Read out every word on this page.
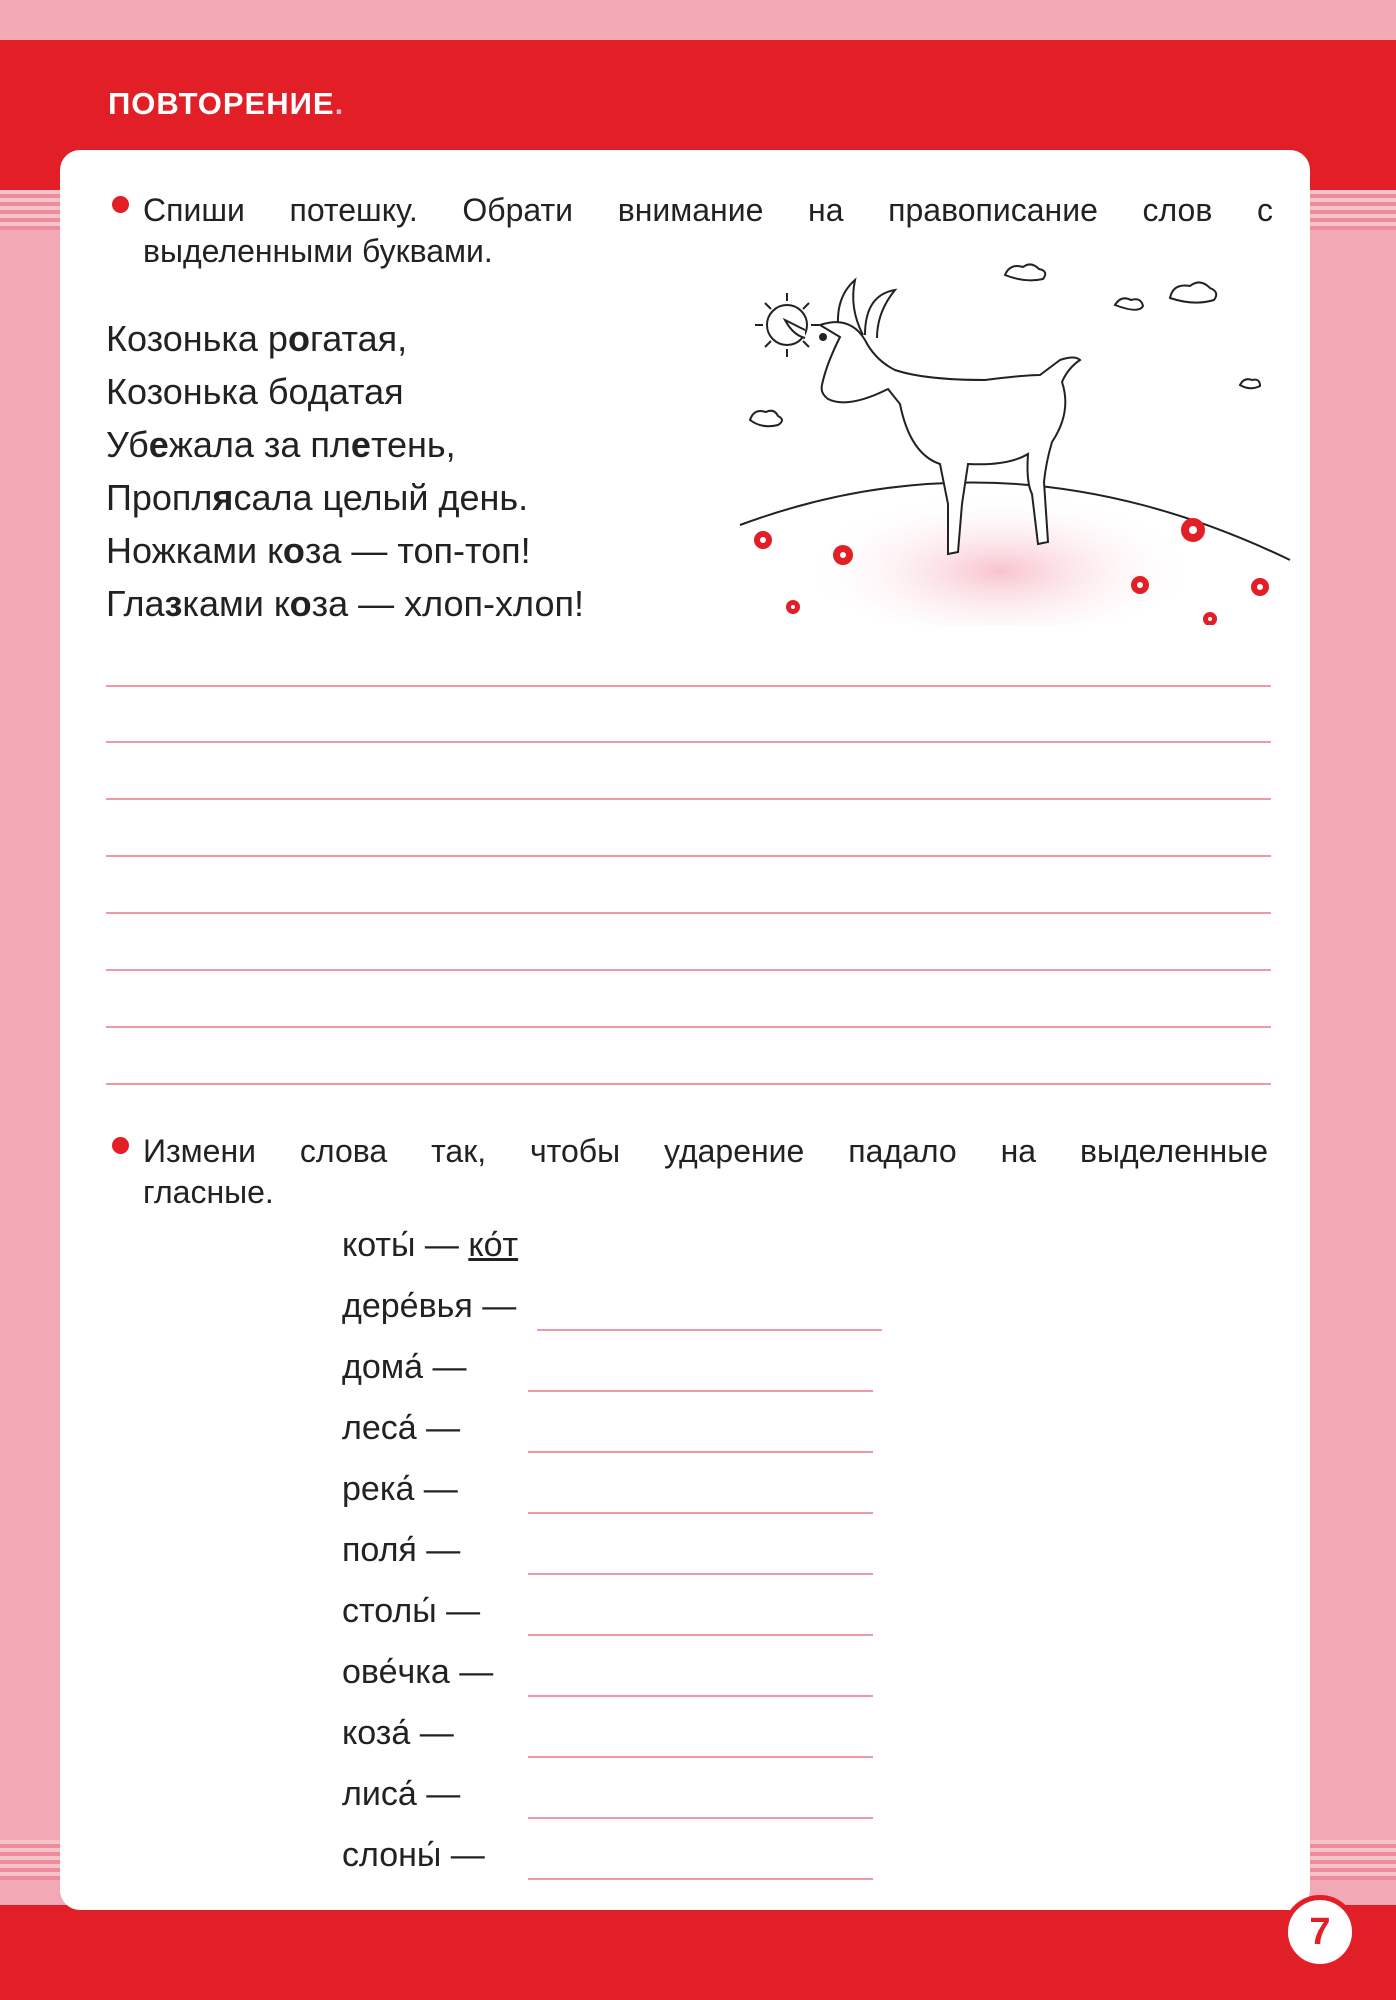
ПОВТОРЕНИЕ.
Спиши потешку. Обрати внимание на правописание слов с
выделенными буквами.
Козонька рогатая,
Козонька бодатая
Убежала за плетень,
Проплясала целый день.
Ножками коза — топ-топ!
Глазками коза — хлоп-хлоп!
Измени слова так, чтобы ударение падало на выделенные
гласные.
коты́ — ко́т
дере́вья —
дома́ —
леса́ —
река́ —
поля́ —
столы́ —
ове́чка —
коза́ —
лиса́ —
слоны́ —
7
